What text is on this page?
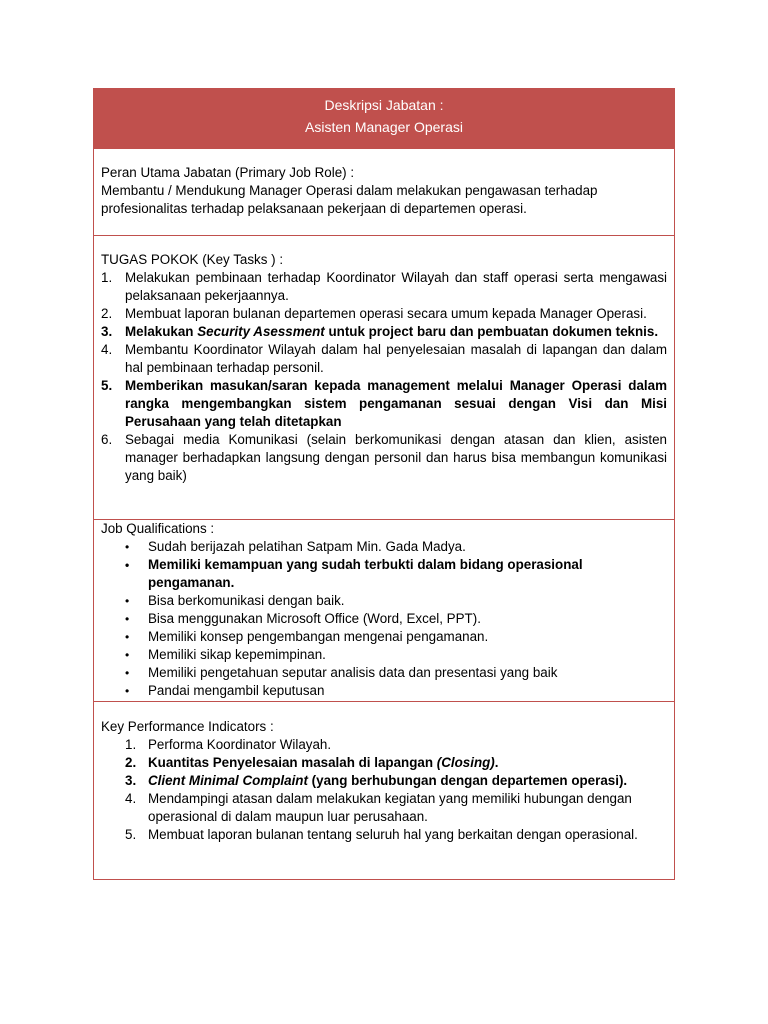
Deskripsi Jabatan :
Asisten Manager Operasi

Peran Utama Jabatan (Primary Job Role) :

Membantu / Mendukung Manager Operasi dalam melakukan pengawasan terhadap profesionalitas terhadap pelaksanaan pekerjaan di departemen operasi.

TUGAS POKOK (Key Tasks ) :

1. Melakukan pembinaan terhadap Koordinator Wilayah dan staff operasi serta mengawasi pelaksanaan pekerjaannya.
2. Membuat laporan bulanan departemen operasi secara umum kepada Manager Operasi.
3. Melakukan Security Asessment untuk project baru dan pembuatan dokumen teknis.
4. Membantu Koordinator Wilayah dalam hal penyelesaian masalah di lapangan dan dalam hal pembinaan terhadap personil.
5. Memberikan masukan/saran kepada management melalui Manager Operasi dalam rangka mengembangkan sistem pengamanan sesuai dengan Visi dan Misi Perusahaan yang telah ditetapkan
6. Sebagai media Komunikasi (selain berkomunikasi dengan atasan dan klien, asisten manager berhadapkan langsung dengan personil dan harus bisa membangun komunikasi yang baik)

Job Qualifications :

• Sudah berijazah pelatihan Satpam Min. Gada Madya.
• Memiliki kemampuan yang sudah terbukti dalam bidang operasional pengamanan.
• Bisa berkomunikasi dengan baik.
• Bisa menggunakan Microsoft Office (Word, Excel, PPT).
• Memiliki konsep pengembangan mengenai pengamanan.
• Memiliki sikap kepemimpinan.
• Memiliki pengetahuan seputar analisis data dan presentasi yang baik
• Pandai mengambil keputusan

Key Performance Indicators :

1. Performa Koordinator Wilayah.
2. Kuantitas Penyelesaian masalah di lapangan (Closing).
3. Client Minimal Complaint (yang berhubungan dengan departemen operasi).
4. Mendampingi atasan dalam melakukan kegiatan yang memiliki hubungan dengan operasional di dalam maupun luar perusahaan.
5. Membuat laporan bulanan tentang seluruh hal yang berkaitan dengan operasional.
